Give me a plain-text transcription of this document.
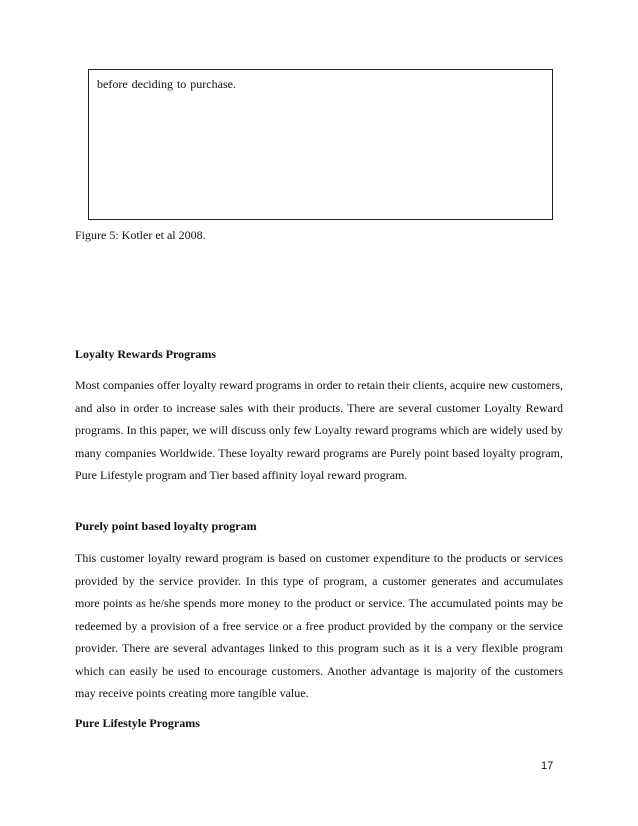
before deciding to purchase.
Figure 5: Kotler et al 2008.
Loyalty Rewards Programs

Most companies offer loyalty reward programs in order to retain their clients, acquire new customers, and also in order to increase sales with their products. There are several customer Loyalty Reward programs. In this paper, we will discuss only few Loyalty reward programs which are widely used by many companies Worldwide. These loyalty reward programs are Purely point based loyalty program, Pure Lifestyle program and Tier based affinity loyal reward program.

Purely point based loyalty program

This customer loyalty reward program is based on customer expenditure to the products or services provided by the service provider. In this type of program, a customer generates and accumulates more points as he/she spends more money to the product or service. The accumulated points may be redeemed by a provision of a free service or a free product provided by the company or the service provider. There are several advantages linked to this program such as it is a very flexible program which can easily be used to encourage customers. Another advantage is majority of the customers may receive points creating more tangible value.

Pure Lifestyle Programs
17
